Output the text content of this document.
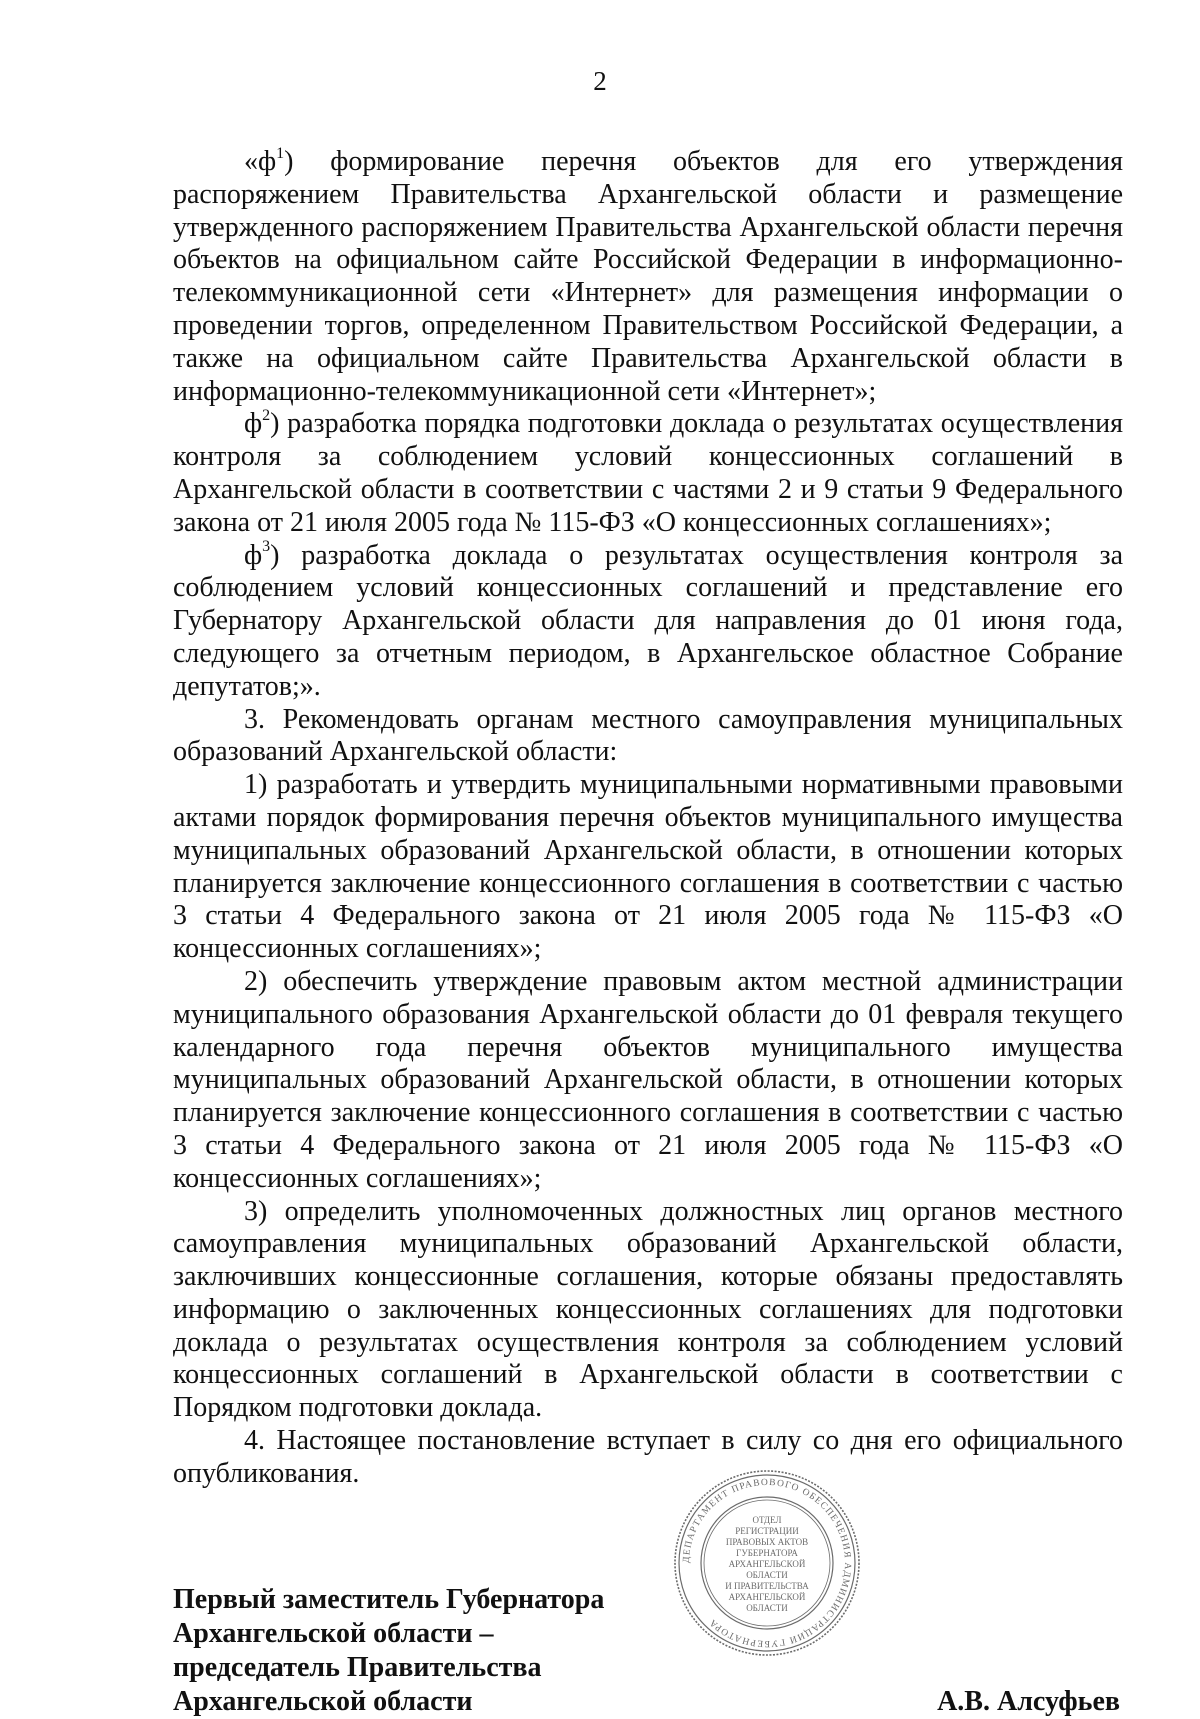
2

«$ф^1$) формирование перечня объектов для его утверждения распоряжением Правительства Архангельской области и размещение утвержденного распоряжением Правительства Архангельской области перечня объектов на официальном сайте Российской Федерации в информационно-телекоммуникационной сети «Интернет» для размещения информации о проведении торгов, определенном Правительством Российской Федерации, а также на официальном сайте Правительства Архангельской области в информационно-телекоммуникационной сети «Интернет»;

$ф^2$) разработка порядка подготовки доклада о результатах осуществления контроля за соблюдением условий концессионных соглашений в Архангельской области в соответствии с частями 2 и 9 статьи 9 Федерального закона от 21 июля 2005 года № 115-ФЗ «О концессионных соглашениях»;

$ф^3$) разработка доклада о результатах осуществления контроля за соблюдением условий концессионных соглашений и представление его Губернатору Архангельской области для направления до 01 июня года, следующего за отчетным периодом, в Архангельское областное Собрание депутатов;».

3. Рекомендовать органам местного самоуправления муниципальных образований Архангельской области:

1) разработать и утвердить муниципальными нормативными правовыми актами порядок формирования перечня объектов муниципального имущества муниципальных образований Архангельской области, в отношении которых планируется заключение концессионного соглашения в соответствии с частью 3 статьи 4 Федерального закона от 21 июля 2005 года № 115-ФЗ «О концессионных соглашениях»;

2) обеспечить утверждение правовым актом местной администрации муниципального образования Архангельской области до 01 февраля текущего календарного года перечня объектов муниципального имущества муниципальных образований Архангельской области, в отношении которых планируется заключение концессионного соглашения в соответствии с частью 3 статьи 4 Федерального закона от 21 июля 2005 года № 115-ФЗ «О концессионных соглашениях»;

3) определить уполномоченных должностных лиц органов местного самоуправления муниципальных образований Архангельской области, заключивших концессионные соглашения, которые обязаны предоставлять информацию о заключенных концессионных соглашениях для подготовки доклада о результатах осуществления контроля за соблюдением условий концессионных соглашений в Архангельской области в соответствии с Порядком подготовки доклада.

4. Настоящее постановление вступает в силу со дня его официального опубликования.

Первый заместитель Губернатора
Архангельской области –
председатель Правительства
Архангельской области
ДЕПАРТАМЕНТ ПРАВОВОГО ОБЕСПЕЧЕНИЯ АДМИНИСТРАЦИИ ГУБЕРНАТОРА
ОТДЕЛ
РЕГИСТРАЦИИ
ПРАВОВЫХ АКТОВ
ГУБЕРНАТОРА
АРХАНГЕЛЬСКОЙ
ОБЛАСТИ
И ПРАВИТЕЛЬСТВА
АРХАНГЕЛЬСКОЙ
ОБЛАСТИ
А.В. Алсуфьев
